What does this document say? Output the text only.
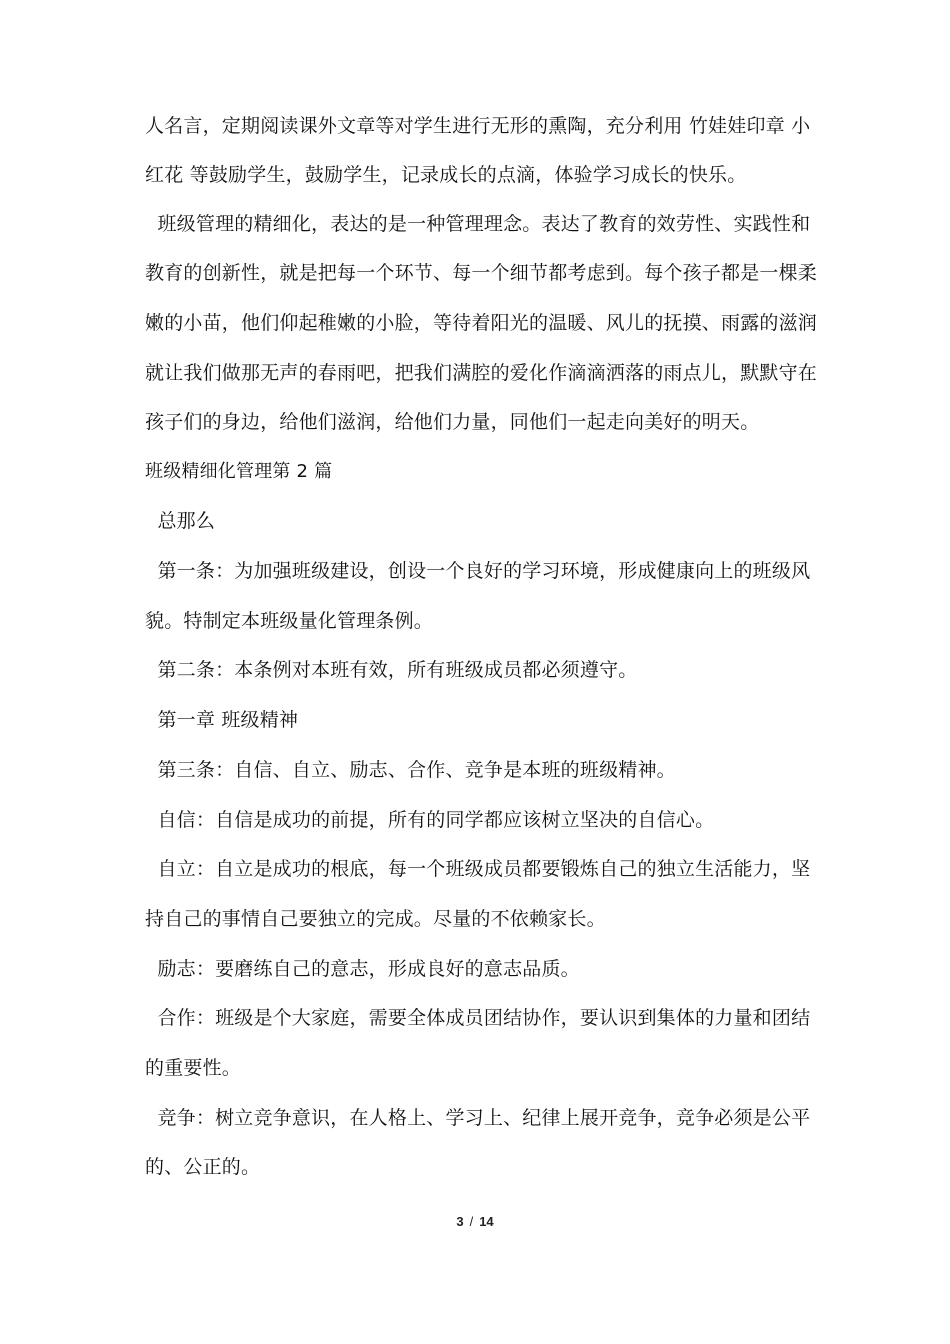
人名言，定期阅读课外文章等对学生进行无形的熏陶，充分利用 竹娃娃印章 小
红花 等鼓励学生，鼓励学生，记录成长的点滴，体验学习成长的快乐。
班级管理的精细化，表达的是一种管理理念。表达了教育的效劳性、实践性和
教育的创新性，就是把每一个环节、每一个细节都考虑到。每个孩子都是一棵柔
嫩的小苗，他们仰起稚嫩的小脸，等待着阳光的温暖、风儿的抚摸、雨露的滋润
就让我们做那无声的春雨吧，把我们满腔的爱化作滴滴洒落的雨点儿，默默守在
孩子们的身边，给他们滋润，给他们力量，同他们一起走向美好的明天。
班级精细化管理第 2 篇
总那么
第一条：为加强班级建设，创设一个良好的学习环境，形成健康向上的班级风
貌。特制定本班级量化管理条例。
第二条：本条例对本班有效，所有班级成员都必须遵守。
第一章 班级精神
第三条：自信、自立、励志、合作、竞争是本班的班级精神。
自信：自信是成功的前提，所有的同学都应该树立坚决的自信心。
自立：自立是成功的根底，每一个班级成员都要锻炼自己的独立生活能力，坚
持自己的事情自己要独立的完成。尽量的不依赖家长。
励志：要磨练自己的意志，形成良好的意志品质。
合作：班级是个大家庭，需要全体成员团结协作，要认识到集体的力量和团结
的重要性。
竞争：树立竞争意识，在人格上、学习上、纪律上展开竞争，竞争必须是公平
的、公正的。
3 / 14
